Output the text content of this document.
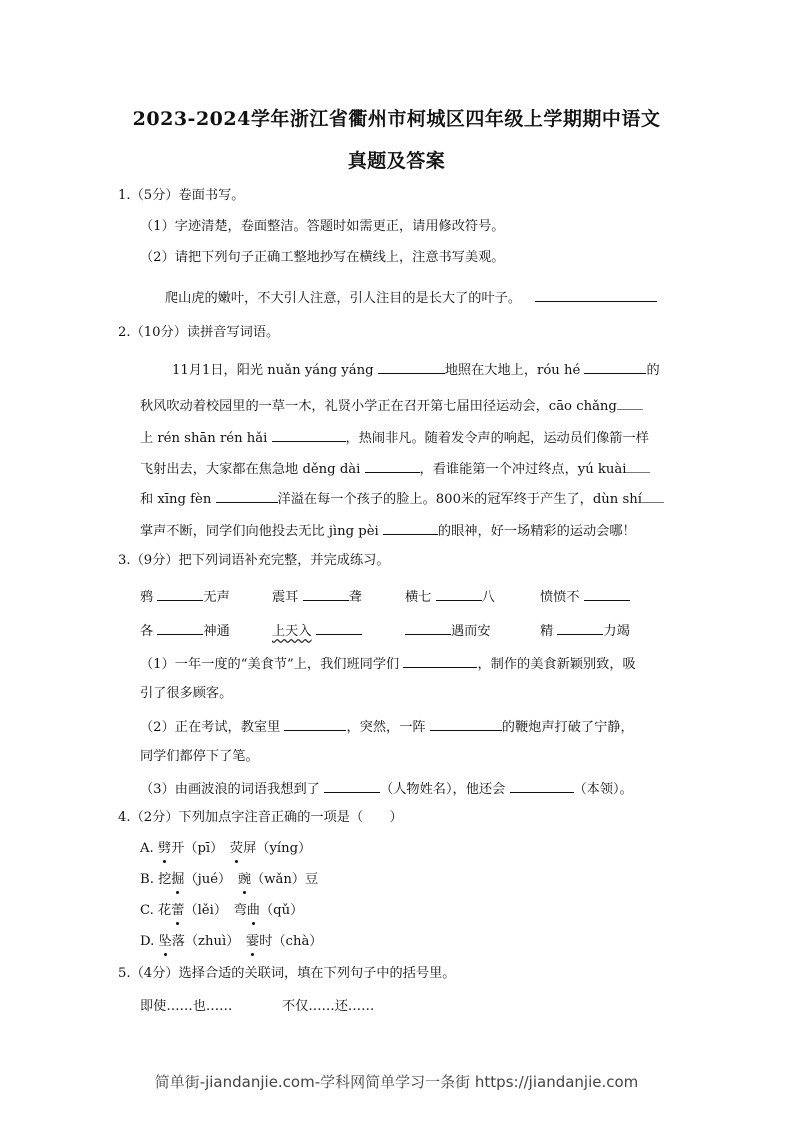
2023-2024学年浙江省衢州市柯城区四年级上学期期中语文
真题及答案
1.（5分）卷面书写。
（1）字迹清楚，卷面整洁。答题时如需更正，请用修改符号。
（2）请把下列句子正确工整地抄写在横线上，注意书写美观。
爬山虎的嫩叶，不大引人注意，引人注目的是长大了的叶子。
2.（10分）读拼音写词语。
11月1日，阳光 nuǎn yáng yáng	地照在大地上，róu hé	的
秋风吹动着校园里的一草一木，礼贤小学正在召开第七届田径运动会，cāo chǎng
上 rén shān rén hǎi	，热闹非凡。随着发令声的响起，运动员们像箭一样
飞射出去，大家都在焦急地 děng dài	，看谁能第一个冲过终点，yú kuài
和 xīng fèn	洋溢在每一个孩子的脸上。800米的冠军终于产生了，dùn shí
掌声不断，同学们向他投去无比 jìng pèi	的眼神，好一场精彩的运动会哪！
3.（9分）把下列词语补充完整，并完成练习。
鸦	无声	震耳	聋	横七	八	愤愤不
各	神通	上天入	遇而安	精	力竭
（1）一年一度的“美食节”上，我们班同学们	，制作的美食新颖别致，吸
引了很多顾客。
（2）正在考试，教室里	，突然，一阵	的鞭炮声打破了宁静，
同学们都停下了笔。
（3）由画波浪的词语我想到了	（人物姓名），他还会	（本领）。
4.（2分）下列加点字注音正确的一项是（　　）
A. 劈开（pī）　荧屏（yíng）
B. 挖掘（jué）　豌（wǎn）豆
C. 花蕾（lěi）　弯曲（qǔ）
D. 坠落（zhuì）　霎时（chà）
5.（4分）选择合适的关联词，填在下列句子中的括号里。
即使……也……	不仅……还……
简单街-jiandanjie.com-学科网简单学习一条街 https://jiandanjie.com
